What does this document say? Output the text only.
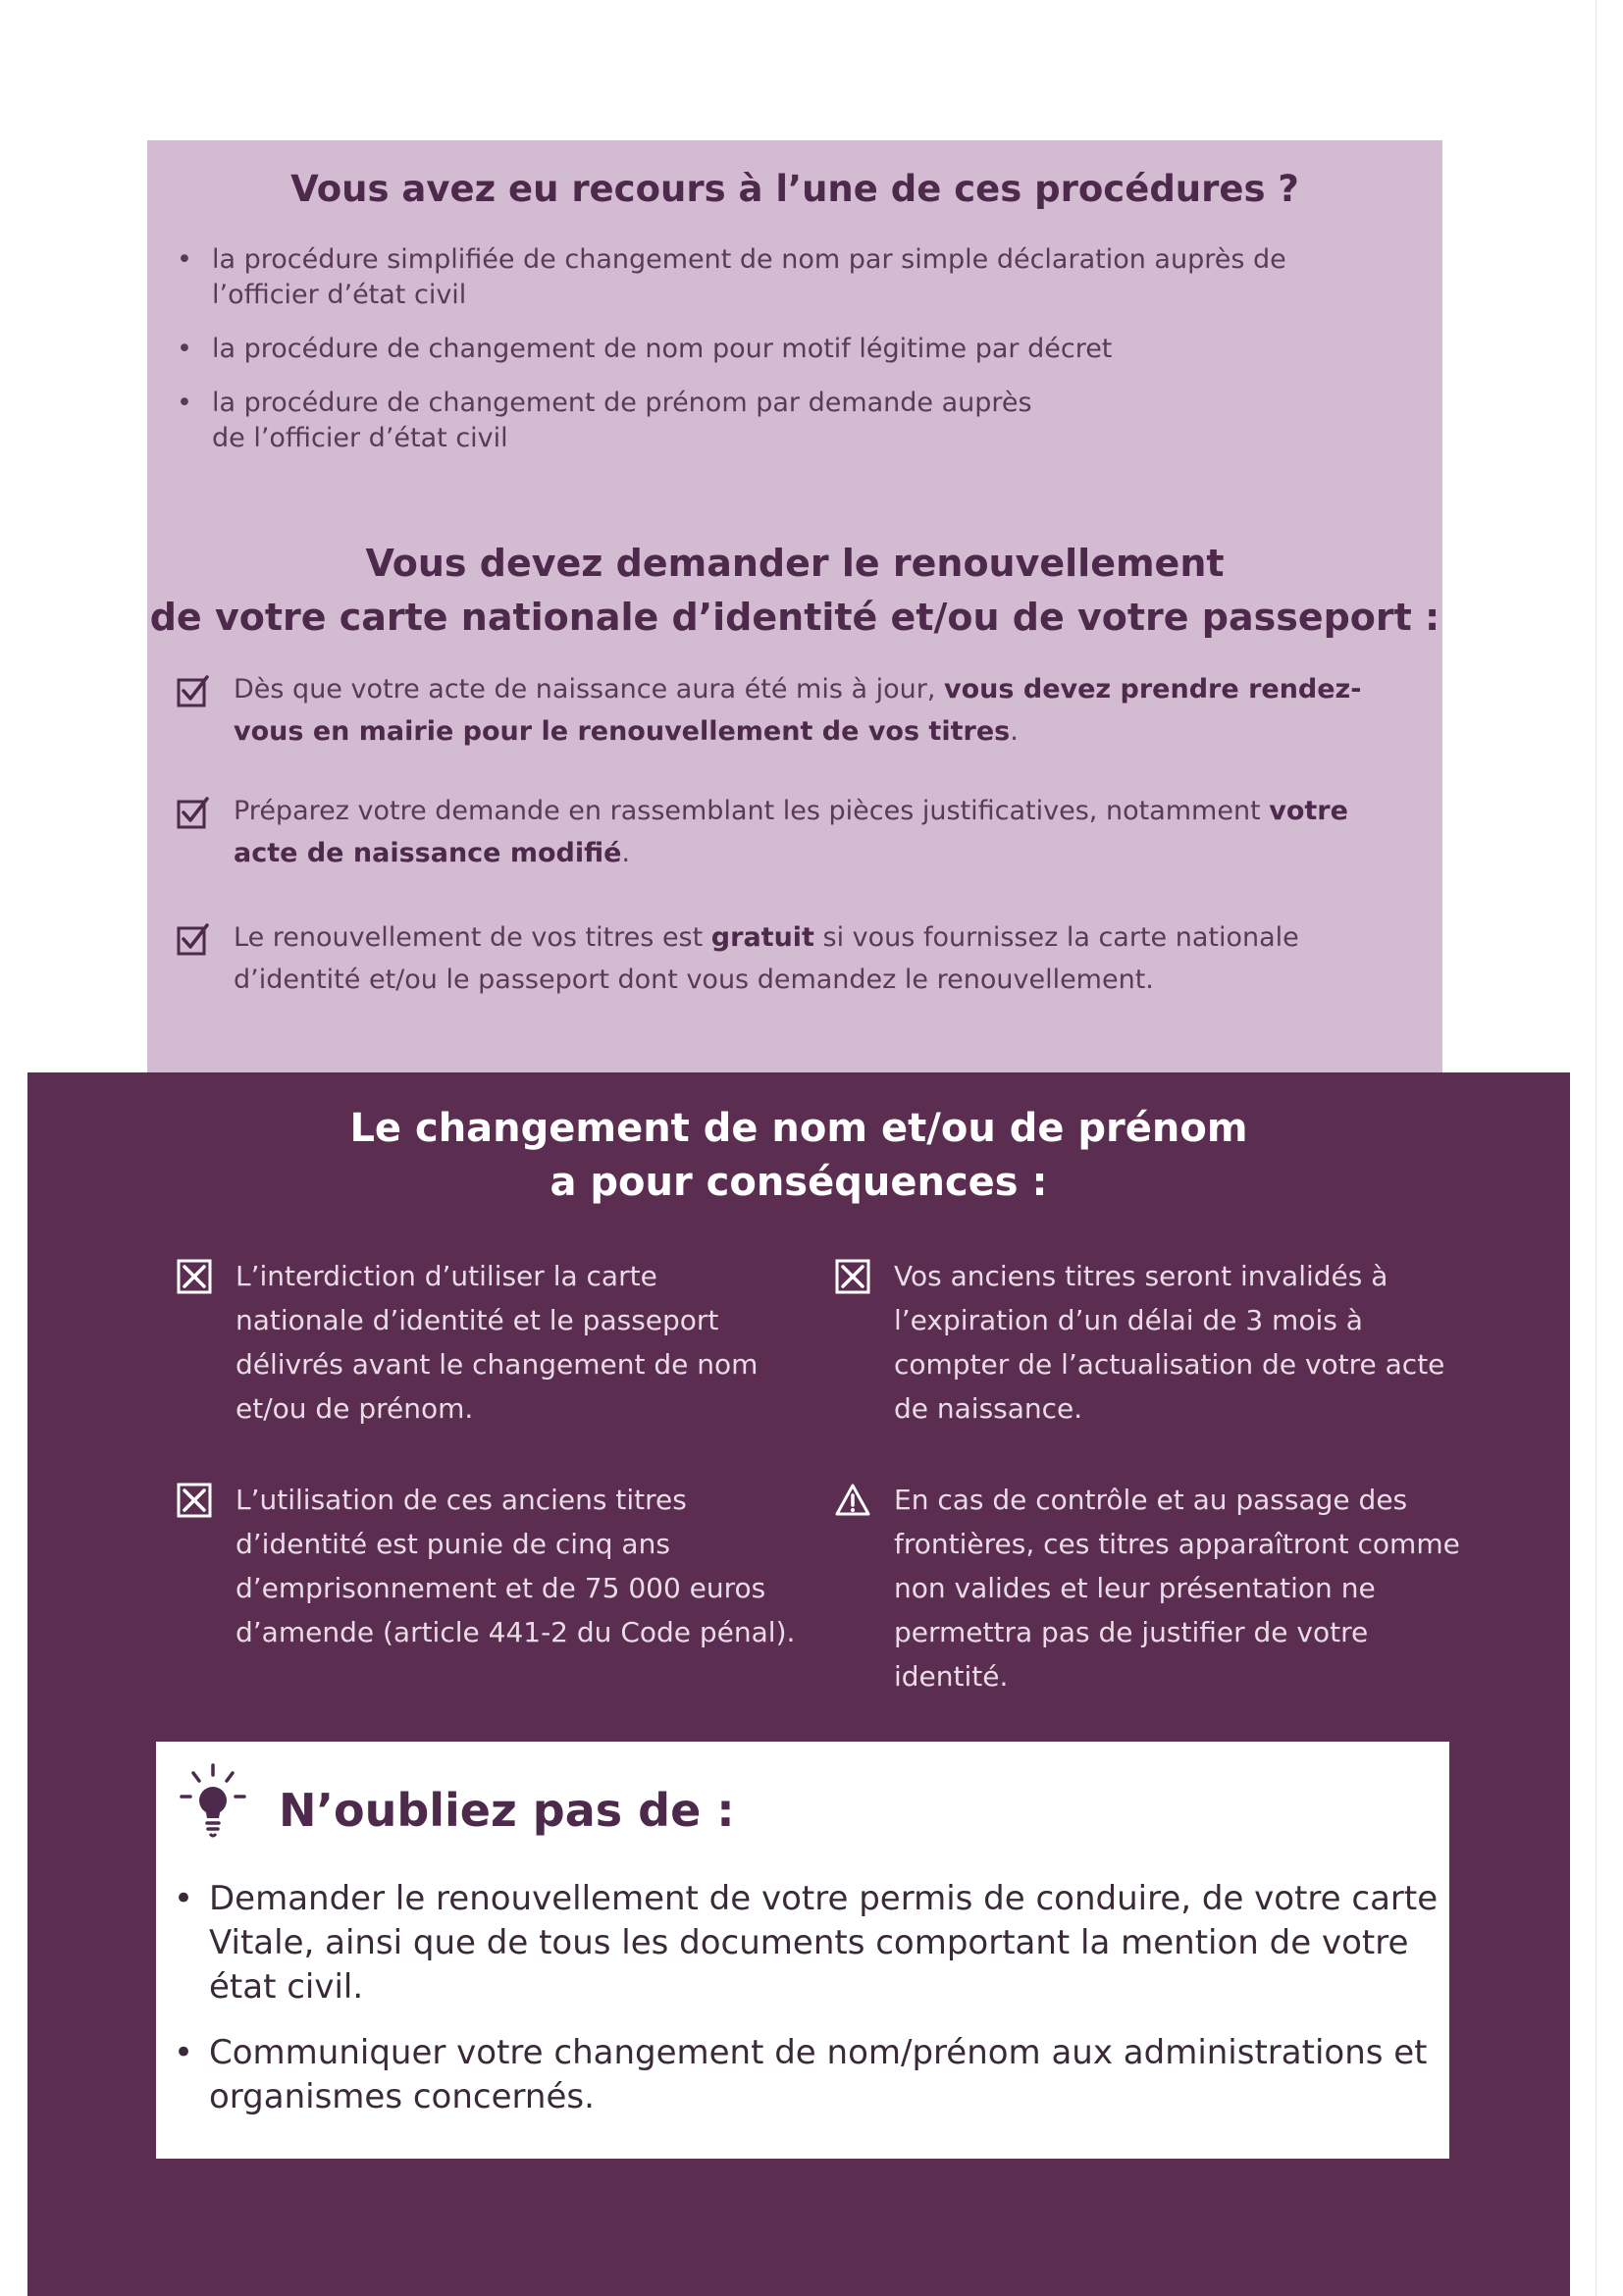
Vous avez eu recours à l’une de ces procédures ?
• la procédure simplifiée de changement de nom par simple déclaration auprès de
l’officier d’état civil
• la procédure de changement de nom pour motif légitime par décret
• la procédure de changement de prénom par demande auprès
de l’officier d’état civil
Vous devez demander le renouvellement
de votre carte nationale d’identité et/ou de votre passeport :
Dès que votre acte de naissance aura été mis à jour, vous devez prendre rendez-vous en mairie pour le renouvellement de vos titres.
Préparez votre demande en rassemblant les pièces justificatives, notamment votre acte de naissance modifié.
Le renouvellement de vos titres est gratuit si vous fournissez la carte nationale d’identité et/ou le passeport dont vous demandez le renouvellement.
Le changement de nom et/ou de prénom
a pour conséquences :
L’interdiction d’utiliser la carte nationale d’identité et le passeport délivrés avant le changement de nom et/ou de prénom.
L’utilisation de ces anciens titres d’identité est punie de cinq ans d’emprisonnement et de 75 000 euros d’amende (article 441-2 du Code pénal).
Vos anciens titres seront invalidés à l’expiration d’un délai de 3 mois à compter de l’actualisation de votre acte de naissance.
En cas de contrôle et au passage des frontières, ces titres apparaîtront comme non valides et leur présentation ne permettra pas de justifier de votre identité.
N’oubliez pas de :
• Demander le renouvellement de votre permis de conduire, de votre carte Vitale, ainsi que de tous les documents comportant la mention de votre état civil.
• Communiquer votre changement de nom/prénom aux administrations et organismes concernés.
